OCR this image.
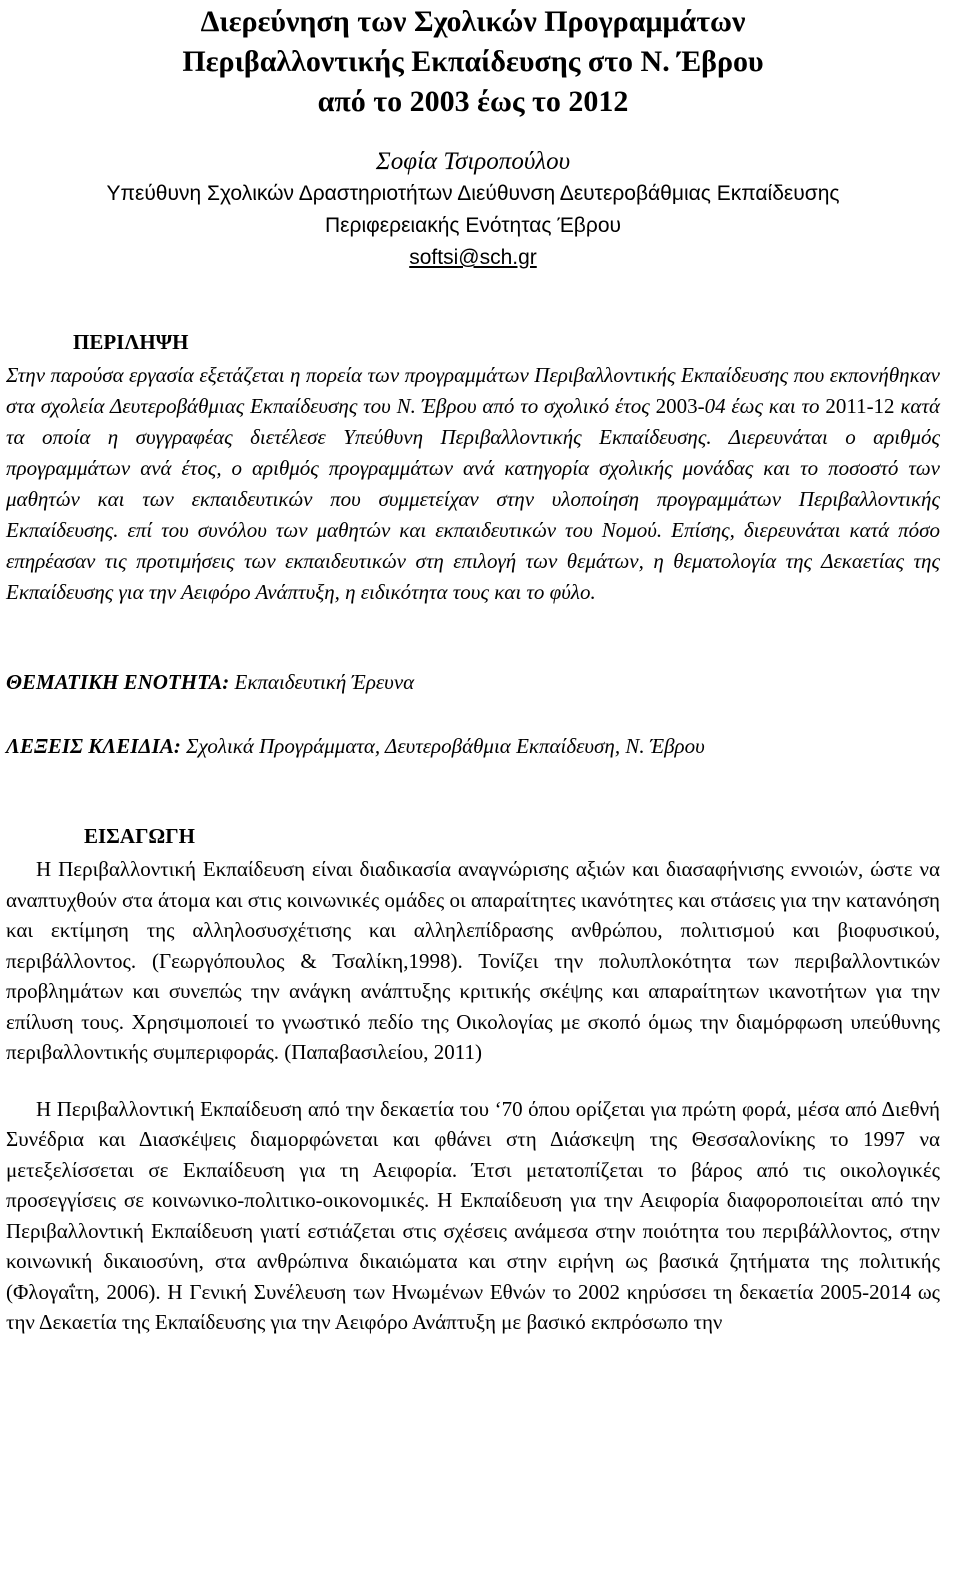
Διερεύνηση των Σχολικών Προγραμμάτων
Περιβαλλοντικής Εκπαίδευσης στο Ν. Έβρου
από το 2003 έως το 2012
Σοφία Τσιροπούλου
Υπεύθυνη Σχολικών Δραστηριοτήτων Διεύθυνση Δευτεροβάθμιας Εκπαίδευσης
Περιφερειακής Ενότητας Έβρου
softsi@sch.gr
ΠΕΡΙΛΗΨΗ

Στην παρούσα εργασία εξετάζεται η πορεία των προγραμμάτων Περιβαλλοντικής Εκπαίδευσης που εκπονήθηκαν στα σχολεία Δευτεροβάθμιας Εκπαίδευσης του Ν. Έβρου από το σχολικό έτος 2003-04 έως και το 2011-12 κατά τα οποία η συγγραφέας διετέλεσε Υπεύθυνη Περιβαλλοντικής Εκπαίδευσης. Διερευνάται ο αριθμός προγραμμάτων ανά έτος, ο αριθμός προγραμμάτων ανά κατηγορία σχολικής μονάδας και το ποσοστό των μαθητών και των εκπαιδευτικών που συμμετείχαν στην υλοποίηση προγραμμάτων Περιβαλλοντικής Εκπαίδευσης. επί του συνόλου των μαθητών και εκπαιδευτικών του Νομού. Επίσης, διερευνάται κατά πόσο επηρέασαν τις προτιμήσεις των εκπαιδευτικών στη επιλογή των θεμάτων, η θεματολογία της Δεκαετίας της Εκπαίδευσης για την Αειφόρο Ανάπτυξη, η ειδικότητα τους και το φύλο.

ΘΕΜΑΤΙΚΗ ΕΝΟΤΗΤΑ: Εκπαιδευτική Έρευνα

ΛΕΞΕΙΣ ΚΛΕΙΔΙΑ: Σχολικά Προγράμματα, Δευτεροβάθμια Εκπαίδευση, Ν. Έβρου

ΕΙΣΑΓΩΓΗ

Η Περιβαλλοντική Εκπαίδευση είναι διαδικασία αναγνώρισης αξιών και διασαφήνισης εννοιών, ώστε να αναπτυχθούν στα άτομα και στις κοινωνικές ομάδες οι απαραίτητες ικανότητες και στάσεις για την κατανόηση και εκτίμηση της αλληλοσυσχέτισης και αλληλεπίδρασης ανθρώπου, πολιτισμού και βιοφυσικού, περιβάλλοντος. (Γεωργόπουλος & Τσαλίκη,1998). Τονίζει την πολυπλοκότητα των περιβαλλοντικών προβλημάτων και συνεπώς την ανάγκη ανάπτυξης κριτικής σκέψης και απαραίτητων ικανοτήτων για την επίλυση τους. Χρησιμοποιεί το γνωστικό πεδίο της Οικολογίας με σκοπό όμως την διαμόρφωση υπεύθυνης περιβαλλοντικής συμπεριφοράς. (Παπαβασιλείου, 2011)

Η Περιβαλλοντική Εκπαίδευση από την δεκαετία του ‘70 όπου ορίζεται για πρώτη φορά, μέσα από Διεθνή Συνέδρια και Διασκέψεις διαμορφώνεται και φθάνει στη Διάσκεψη της Θεσσαλονίκης το 1997 να μετεξελίσσεται σε Εκπαίδευση για τη Αειφορία. Έτσι μετατοπίζεται το βάρος από τις οικολογικές προσεγγίσεις σε κοινωνικο-πολιτικο-οικονομικές. Η Εκπαίδευση για την Αειφορία διαφοροποιείται από την Περιβαλλοντική Εκπαίδευση γιατί εστιάζεται στις σχέσεις ανάμεσα στην ποιότητα του περιβάλλοντος, στην κοινωνική δικαιοσύνη, στα ανθρώπινα δικαιώματα και στην ειρήνη ως βασικά ζητήματα της πολιτικής (Φλογαΐτη, 2006). Η Γενική Συνέλευση των Ηνωμένων Εθνών το 2002 κηρύσσει τη δεκαετία 2005-2014 ως την Δεκαετία της Εκπαίδευσης για την Αειφόρο Ανάπτυξη με βασικό εκπρόσωπο την
